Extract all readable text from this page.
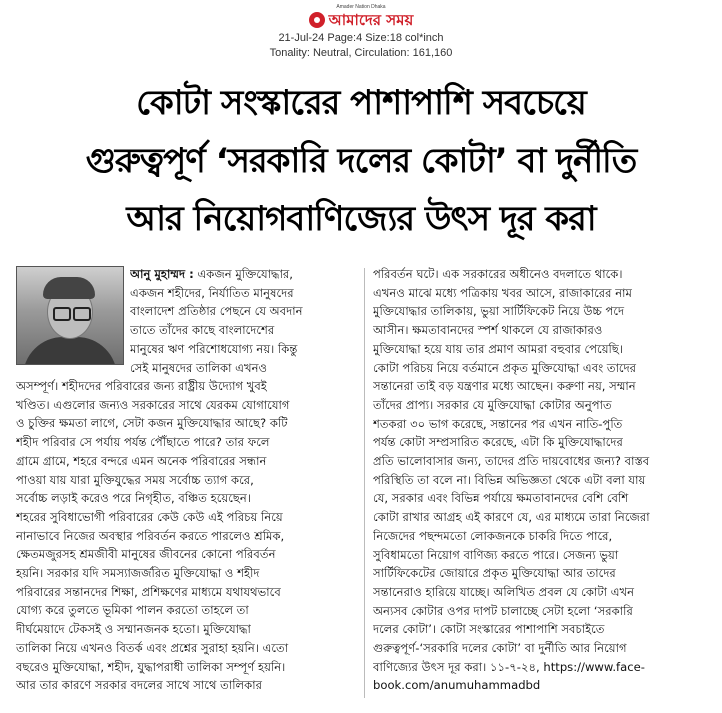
Amader Nation Dhaka
আমাদের সময়
21-Jul-24 Page:4 Size:18 col*inch
Tonality: Neutral, Circulation: 161,160
কোটা সংস্কারের পাশাপাশি সবচেয়ে
গুরুত্বপূর্ণ ‘সরকারি দলের কোটা’ বা দুর্নীতি
আর নিয়োগবাণিজ্যের উৎস দূর করা
আনু মুহাম্মদ : একজন মুক্তিযোদ্ধার,
একজন শহীদের, নির্যাতিত মানুষদের
বাংলাদেশ প্রতিষ্ঠার পেছনে যে অবদান
তাতে তাঁদের কাছে বাংলাদেশের
মানুষের ঋণ পরিশোধযোগ্য নয়। কিন্তু
সেই মানুষদের তালিকা এখনও
অসম্পূর্ণ। শহীদদের পরিবারের জন্য রাষ্ট্রীয় উদ্যোগ খুবই
খণ্ডিত। এগুলোর জন্যও সরকারের সাথে যেরকম যোগাযোগ
ও চুক্তির ক্ষমতা লাগে, সেটা কজন মুক্তিযোদ্ধার আছে? কটি
শহীদ পরিবার সে পর্যায় পর্যন্ত পৌঁছাতে পারে? তার ফলে
গ্রামে গ্রামে, শহরে বন্দরে এমন অনেক পরিবারের সন্ধান
পাওয়া যায় যারা মুক্তিযুদ্ধের সময় সর্বোচ্চ ত্যাগ করে,
সর্বোচ্চ লড়াই করেও পরে নিগৃহীত, বঞ্চিত হয়েছেন।
শহরের সুবিধাভোগী পরিবারের কেউ কেউ এই পরিচয় নিয়ে
নানাভাবে নিজের অবস্থার পরিবর্তন করতে পারলেও শ্রমিক,
ক্ষেতমজুরসহ শ্রমজীবী মানুষের জীবনের কোনো পরিবর্তন
হয়নি। সরকার যদি সমস্যাজর্জরিত মুক্তিযোদ্ধা ও শহীদ
পরিবারের সন্তানদের শিক্ষা, প্রশিক্ষণের মাধ্যমে যথাযথভাবে
যোগ্য করে তুলতে ভূমিকা পালন করতো তাহলে তা
দীর্ঘমেয়াদে টেকসই ও সম্মানজনক হতো। মুক্তিযোদ্ধা
তালিকা নিয়ে এখনও বিতর্ক এবং প্রশ্নের সুরাহা হয়নি। এতো
বছরেও মুক্তিযোদ্ধা, শহীদ, যুদ্ধাপরাধী তালিকা সম্পূর্ণ হয়নি।
আর তার কারণে সরকার বদলের সাথে সাথে তালিকার
পরিবর্তন ঘটে। এক সরকারের অধীনেও বদলাতে থাকে।
এখনও মাঝে মধ্যে পত্রিকায় খবর আসে, রাজাকারের নাম
মুক্তিযোদ্ধার তালিকায়, ভুয়া সার্টিফিকেট নিয়ে উচ্চ পদে
আসীন। ক্ষমতাবানদের স্পর্শ থাকলে যে রাজাকারও
মুক্তিযোদ্ধা হয়ে যায় তার প্রমাণ আমরা বহুবার পেয়েছি।
কোটা পরিচয় নিয়ে বর্তমানে প্রকৃত মুক্তিযোদ্ধা এবং তাদের
সন্তানেরা তাই বড় যন্ত্রণার মধ্যে আছেন। করুণা নয়, সম্মান
তাঁদের প্রাপ্য। সরকার যে মুক্তিযোদ্ধা কোটার অনুপাত
শতকরা ৩০ ভাগ করেছে, সন্তানের পর এখন নাতি-পুতি
পর্যন্ত কোটা সম্প্রসারিত করেছে, এটা কি মুক্তিযোদ্ধাদের
প্রতি ভালোবাসার জন্য, তাদের প্রতি দায়বোধের জন্য? বাস্তব
পরিস্থিতি তা বলে না। বিভিন্ন অভিজ্ঞতা থেকে এটা বলা যায়
যে, সরকার এবং বিভিন্ন পর্যায়ে ক্ষমতাবানদের বেশি বেশি
কোটা রাখার আগ্রহ এই কারণে যে, এর মাধ্যমে তারা নিজেরা
নিজেদের পছন্দমতো লোকজনকে চাকরি দিতে পারে,
সুবিধামতো নিয়োগ বাণিজ্য করতে পারে। সেজন্য ভুয়া
সার্টিফিকেটের জোয়ারে প্রকৃত মুক্তিযোদ্ধা আর তাদের
সন্তানেরাও হারিয়ে যাচ্ছে। অলিখিত প্রবল যে কোটা এখন
অন্যসব কোটার ওপর দাপট চালাচ্ছে সেটা হলো ‘সরকারি
দলের কোটা’। কোটা সংস্কারের পাশাপাশি সবচাইতে
গুরুত্বপূর্ণ-‘সরকারি দলের কোটা’ বা দুর্নীতি আর নিয়োগ
বাণিজ্যের উৎস দূর করা। ১১-৭-২৪, https://www.face-
book.com/anumuhammadbd
